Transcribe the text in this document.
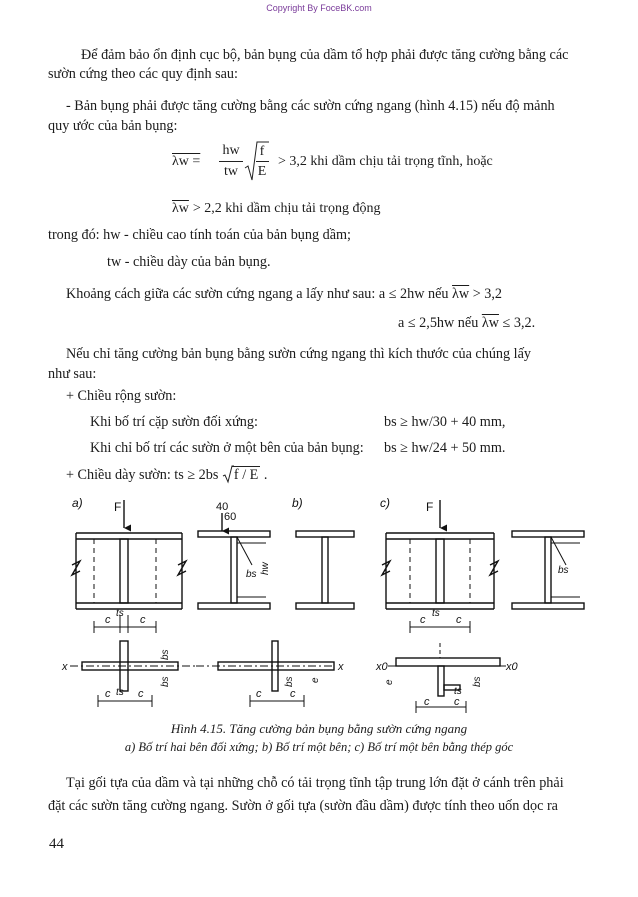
Copyright By FoceBK.com
Để đảm bảo ổn định cục bộ, bản bụng của dầm tổ hợp phải được tăng cường bằng các
sườn cứng theo các quy định sau:
- Bản bụng phải được tăng cường bằng các sườn cứng ngang (hình 4.15) nếu độ mảnh
quy ước của bản bụng:
λw =
hw
tw
f
E
> 3,2 khi dầm chịu tải trọng tĩnh, hoặc
$\overline{\lambda w} > 2,2$ khi dầm chịu tải trọng động
trong đó: hw - chiều cao tính toán của bản bụng dầm;
tw - chiều dày của bản bụng.
Khoảng cách giữa các sườn cứng ngang a lấy như sau: a ≤ 2hw nếu $\overline{\lambda w} > 3,2$
a ≤ 2,5hw nếu $\overline{\lambda w} \le 3,2$.
Nếu chỉ tăng cường bản bụng bằng sườn cứng ngang thì kích thước của chúng lấy
như sau:
+ Chiều rộng sườn:
Khi bố trí cặp sườn đối xứng:	bs ≥ hw/30 + 40 mm,
Khi chỉ bố trí các sườn ở một bên của bản bụng: bs ≥ hw/24 + 50 mm.
+ Chiều dày sườn: ts ≥ 2bs f / E .
a)	F
c	c
ts
x
bs
bs
c	c
ts
40
60
bs hw
b)
x
bs e
c	c
c)	F
c	c
ts
bs
x0	x0
e	bs
c c
ts
Hình 4.15. Tăng cường bản bụng bằng sườn cứng ngang
a) Bố trí hai bên đối xứng; b) Bố trí một bên; c) Bố trí một bên bằng thép góc
Tại gối tựa của dầm và tại những chỗ có tải trọng tĩnh tập trung lớn đặt ở cánh trên phải
đặt các sườn tăng cường ngang. Sườn ở gối tựa (sườn đầu dầm) được tính theo uốn dọc ra
44
